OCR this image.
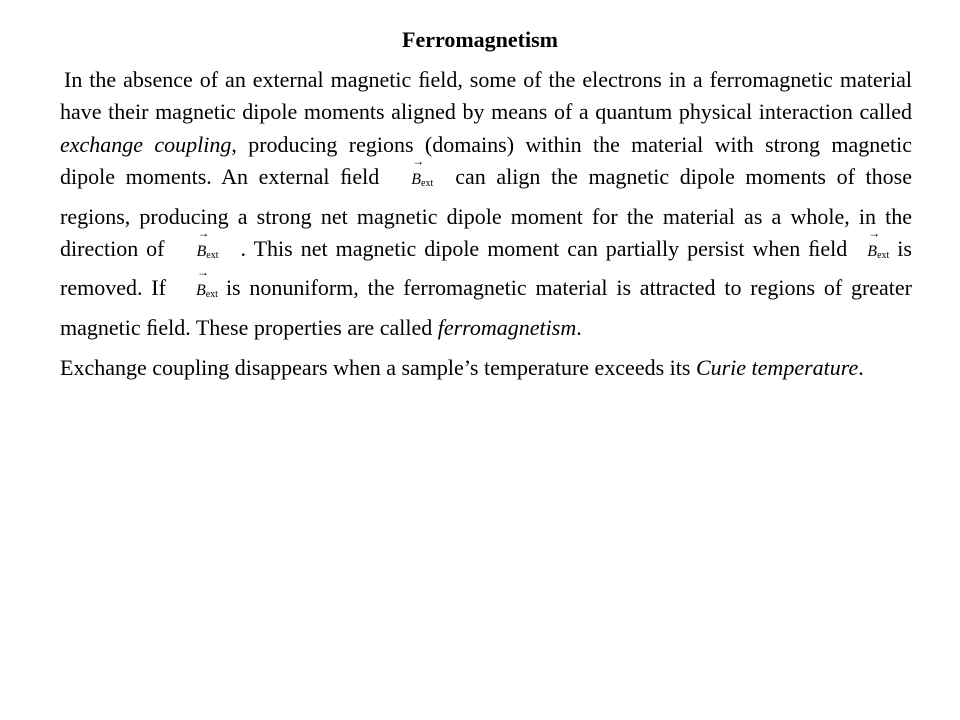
Ferromagnetism

In the absence of an external magnetic ﬁeld, some of the electrons in a ferromagnetic material have their magnetic dipole moments aligned by means of a quantum physical interaction called exchange coupling, producing regions (domains) within the material with strong magnetic dipole moments. An external ﬁeld
→
$B_{ext}$ can align the magnetic dipole moments of those regions, producing a strong net magnetic dipole moment for the material as a whole, in the direction of
→
$B_{ext}$ . This net magnetic dipole moment can partially persist when ﬁeld
→
$B_{ext}$ is removed. If
→
$B_{ext}$ is nonuniform, the ferromagnetic material is attracted to regions of greater magnetic ﬁeld. These properties are called ferromagnetism.

Exchange coupling disappears when a sample’s temperature exceeds its Curie temperature.
